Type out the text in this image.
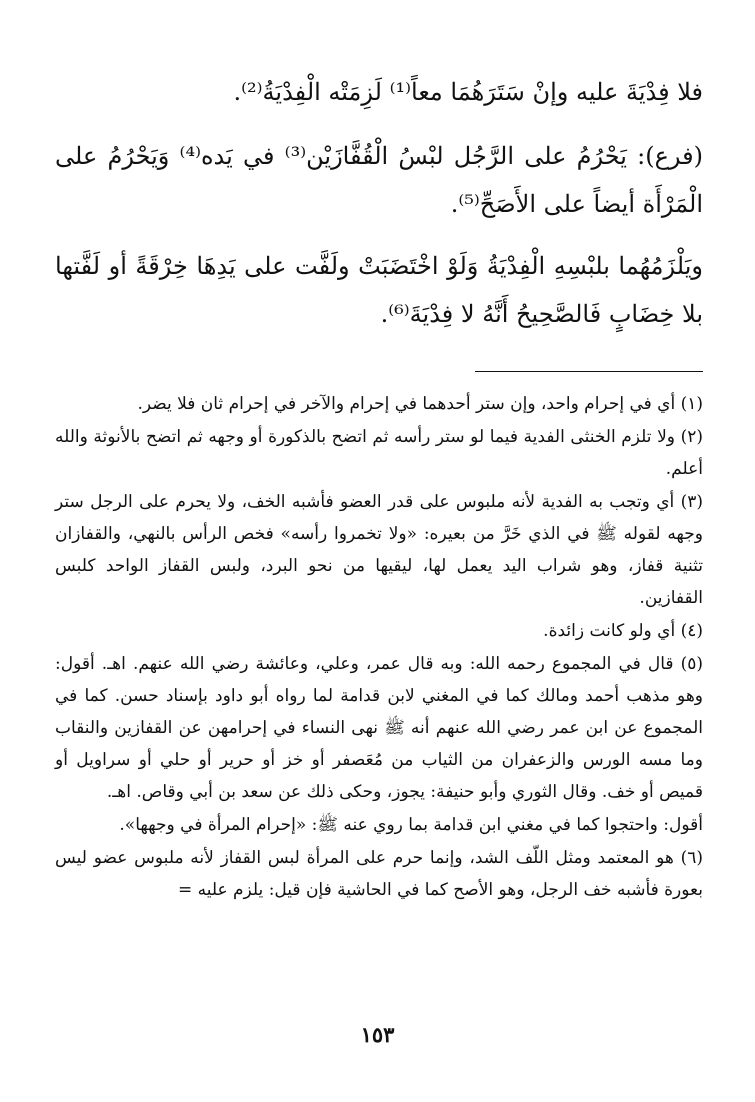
فلا فِدْيَةَ عليه وإنْ سَتَرَهُمَا معاً⁽¹⁾ لَزِمَتْه الْفِدْيَةُ⁽²⁾.

(فرع): يَحْرُمُ على الرَّجُل لبْسُ الْقُفَّازَيْن⁽³⁾ في يَده⁽⁴⁾ وَيَحْرُمُ على الْمَرْأَة أيضاً على الأَصَحِّ⁽⁵⁾.

ويَلْزَمُهُما بلبْسِهِ الْفِدْيَةُ وَلَوْ اخْتَضَبَتْ ولَفَّت على يَدِهَا خِرْقَةً أو لَفَّتها بلا خِضَابٍ فَالصَّحِيحُ أَنَّهُ لا فِدْيَةَ⁽⁶⁾.

(١) أي في إحرام واحد، وإن ستر أحدهما في إحرام والآخر في إحرام ثان فلا يضر.

(٢) ولا تلزم الخنثى الفدية فيما لو ستر رأسه ثم اتضح بالذكورة أو وجهه ثم اتضح بالأنوثة والله أعلم.

(٣) أي وتجب به الفدية لأنه ملبوس على قدر العضو فأشبه الخف، ولا يحرم على الرجل ستر وجهه لقوله ﷺ في الذي خَرَّ من بعيره: «ولا تخمروا رأسه» فخص الرأس بالنهي، والقفازان تثنية قفاز، وهو شراب اليد يعمل لها، ليقيها من نحو البرد، ولبس القفاز الواحد كلبس القفازين.

(٤) أي ولو كانت زائدة.

(٥) قال في المجموع رحمه الله: وبه قال عمر، وعلي، وعائشة رضي الله عنهم. اهـ. أقول: وهو مذهب أحمد ومالك كما في المغني لابن قدامة لما رواه أبو داود بإسناد حسن. كما في المجموع عن ابن عمر رضي الله عنهم أنه ﷺ نهى النساء في إحرامهن عن القفازين والنقاب وما مسه الورس والزعفران من الثياب من مُعَصفر أو خز أو حرير أو حلي أو سراويل أو قميص أو خف. وقال الثوري وأبو حنيفة: يجوز، وحكى ذلك عن سعد بن أبي وقاص. اهـ.

أقول: واحتجوا كما في مغني ابن قدامة بما روي عنه ﷺ: «إحرام المرأة في وجهها».

(٦) هو المعتمد ومثل اللّف الشد، وإنما حرم على المرأة لبس القفاز لأنه ملبوس عضو ليس بعورة فأشبه خف الرجل، وهو الأصح كما في الحاشية فإن قيل: يلزم عليه =

١٥٣
